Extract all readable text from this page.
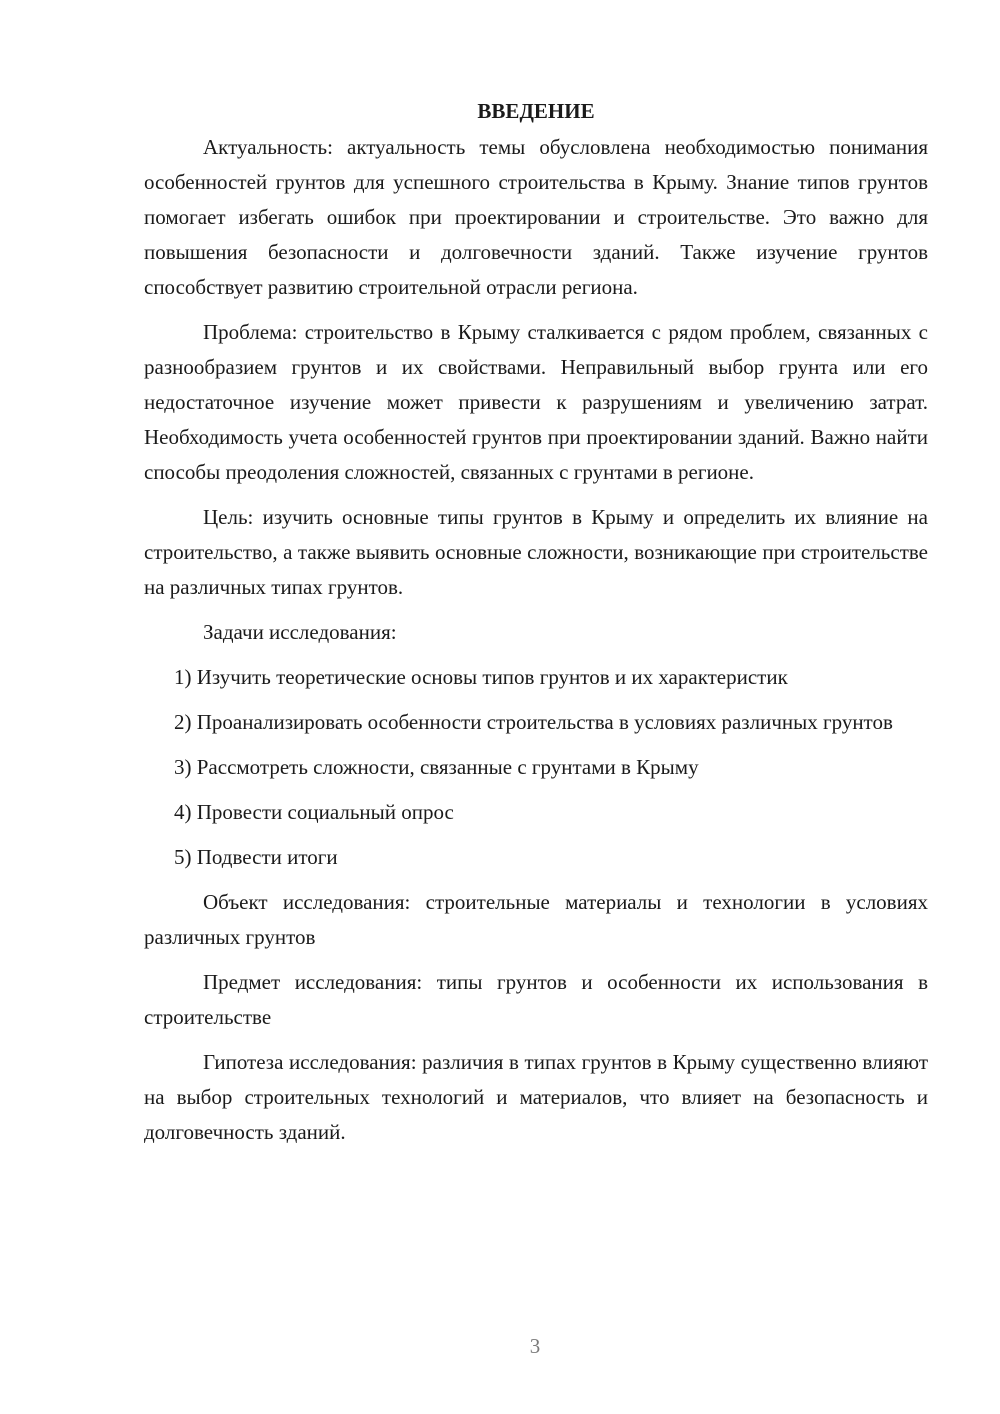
ВВЕДЕНИЕ

Актуальность: актуальность темы обусловлена необходимостью понимания особенностей грунтов для успешного строительства в Крыму. Знание типов грунтов помогает избегать ошибок при проектировании и строительстве. Это важно для повышения безопасности и долговечности зданий. Также изучение грунтов способствует развитию строительной отрасли региона.

Проблема: строительство в Крыму сталкивается с рядом проблем, связанных с разнообразием грунтов и их свойствами. Неправильный выбор грунта или его недостаточное изучение может привести к разрушениям и увеличению затрат. Необходимость учета особенностей грунтов при проектировании зданий. Важно найти способы преодоления сложностей, связанных с грунтами в регионе.

Цель: изучить основные типы грунтов в Крыму и определить их влияние на строительство, а также выявить основные сложности, возникающие при строительстве на различных типах грунтов.

Задачи исследования:

1) Изучить теоретические основы типов грунтов и их характеристик

2) Проанализировать особенности строительства в условиях различных грунтов

3) Рассмотреть сложности, связанные с грунтами в Крыму

4) Провести социальный опрос

5) Подвести итоги

Объект исследования: строительные материалы и технологии в условиях различных грунтов

Предмет исследования: типы грунтов и особенности их использования в строительстве

Гипотеза исследования: различия в типах грунтов в Крыму существенно влияют на выбор строительных технологий и материалов, что влияет на безопасность и долговечность зданий.

3
